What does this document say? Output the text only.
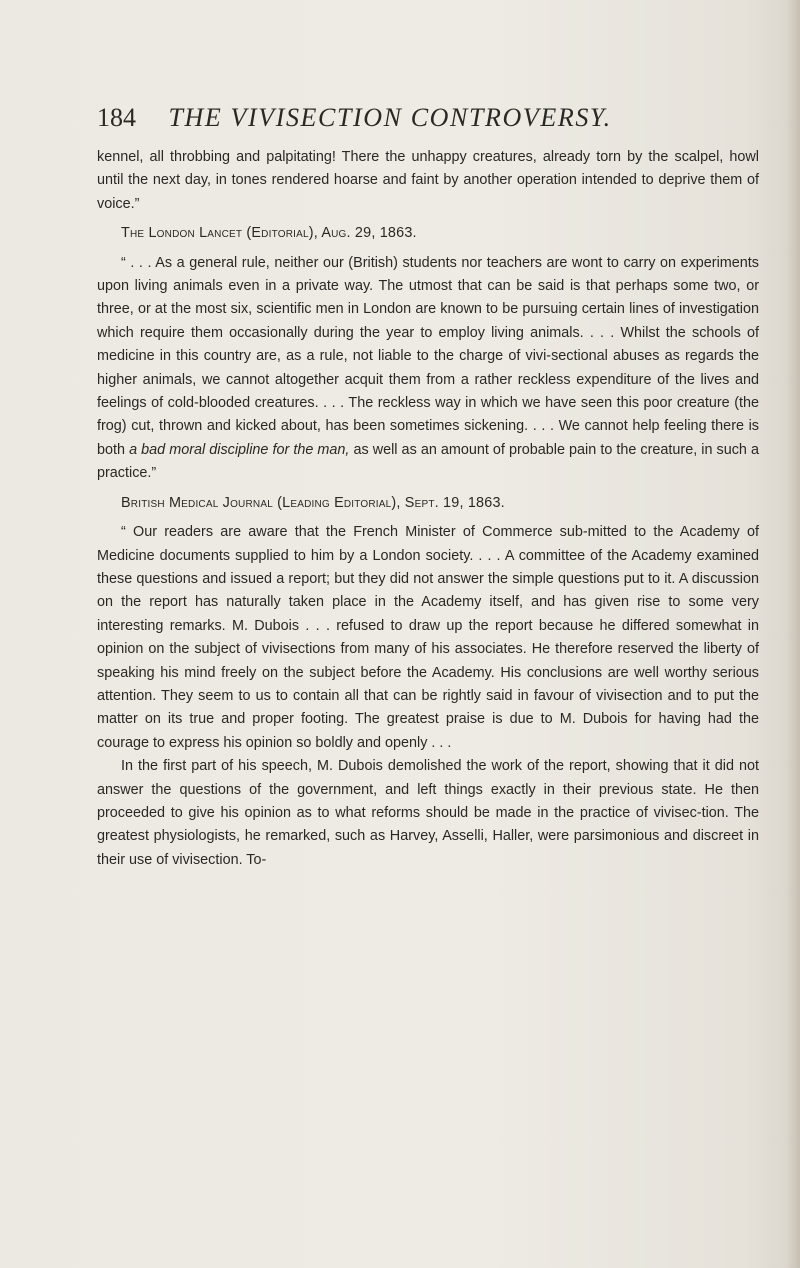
184 THE VIVISECTION CONTROVERSY.

kennel, all throbbing and palpitating! There the unhappy creatures, already torn by the scalpel, howl until the next day, in tones rendered hoarse and faint by another operation intended to deprive them of voice.”

The London Lancet (Editorial), Aug. 29, 1863.

“ . . . As a general rule, neither our (British) students nor teachers are wont to carry on experiments upon living animals even in a private way. The utmost that can be said is that perhaps some two, or three, or at the most six, scientific men in London are known to be pursuing certain lines of investigation which require them occasionally during the year to employ living animals. . . . Whilst the schools of medicine in this country are, as a rule, not liable to the charge of vivi-sectional abuses as regards the higher animals, we cannot altogether acquit them from a rather reckless expenditure of the lives and feelings of cold-blooded creatures. . . . The reckless way in which we have seen this poor creature (the frog) cut, thrown and kicked about, has been sometimes sickening. . . . We cannot help feeling there is both a bad moral discipline for the man, as well as an amount of probable pain to the creature, in such a practice.”

British Medical Journal (Leading Editorial), Sept. 19, 1863.

“ Our readers are aware that the French Minister of Commerce sub-mitted to the Academy of Medicine documents supplied to him by a London society. . . . A committee of the Academy examined these questions and issued a report; but they did not answer the simple questions put to it. A discussion on the report has naturally taken place in the Academy itself, and has given rise to some very interesting remarks. M. Dubois . . . refused to draw up the report because he differed somewhat in opinion on the subject of vivisections from many of his associates. He therefore reserved the liberty of speaking his mind freely on the subject before the Academy. His conclusions are well worthy serious attention. They seem to us to contain all that can be rightly said in favour of vivisection and to put the matter on its true and proper footing. The greatest praise is due to M. Dubois for having had the courage to express his opinion so boldly and openly . . .

In the first part of his speech, M. Dubois demolished the work of the report, showing that it did not answer the questions of the government, and left things exactly in their previous state. He then proceeded to give his opinion as to what reforms should be made in the practice of vivisec-tion. The greatest physiologists, he remarked, such as Harvey, Asselli, Haller, were parsimonious and discreet in their use of vivisection. To-
